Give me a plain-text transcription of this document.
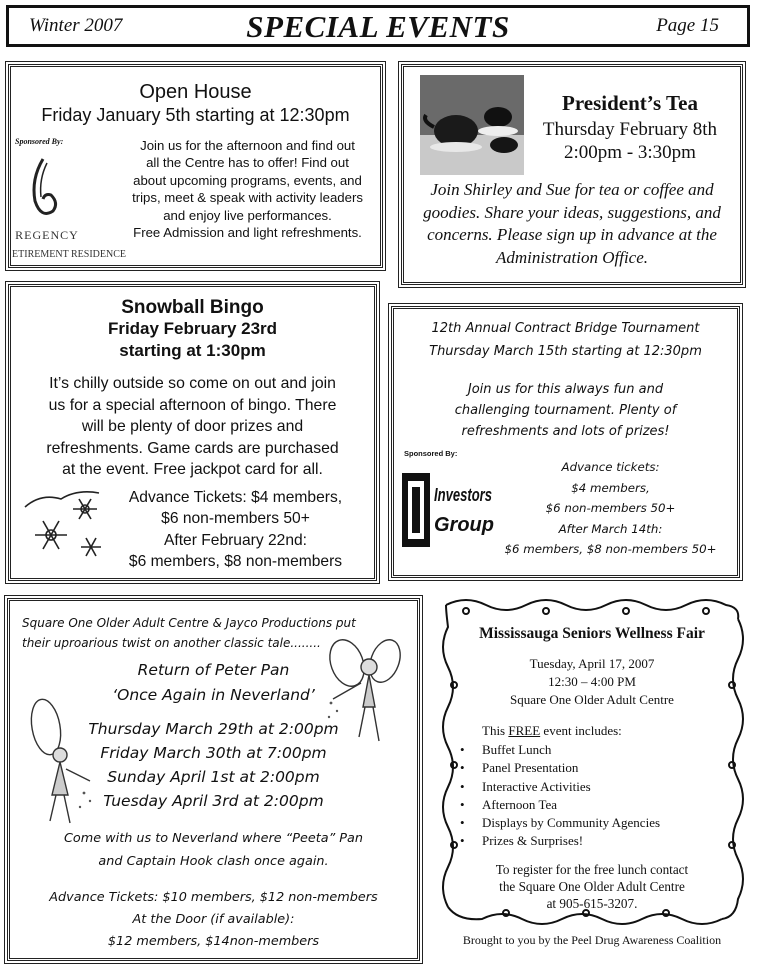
Winter 2007	SPECIAL EVENTS	Page 15
Open House
Friday January 5th starting at 12:30pm
Sponsored By:
REGENCY
ETIREMENT RESIDENCE
Join us for the afternoon and find out
all the Centre has to offer! Find out
about upcoming programs, events, and
trips, meet & speak with activity leaders
and enjoy live performances.
Free Admission and light refreshments.
President’s Tea
Thursday February 8th
2:00pm - 3:30pm
Join Shirley and Sue for tea or coffee and
goodies. Share your ideas, suggestions, and
concerns. Please sign up in advance at the
Administration Office.
Snowball Bingo
Friday February 23rd
starting at 1:30pm
It’s chilly outside so come on out and join
us for a special afternoon of bingo. There
will be plenty of door prizes and
refreshments. Game cards are purchased
at the event. Free jackpot card for all.
Advance Tickets: $4 members,
$6 non-members 50+
After February 22nd:
$6 members, $8 non-members
12th Annual Contract Bridge Tournament
Thursday March 15th starting at 12:30pm
Join us for this always fun and
challenging tournament. Plenty of
refreshments and lots of prizes!
Sponsored By:
Investors
Group
Advance tickets:
$4 members,
$6 non-members 50+
After March 14th:
$6 members, $8 non-members 50+
Square One Older Adult Centre & Jayco Productions put
their uproarious twist on another classic tale........
Return of Peter Pan
‘Once Again in Neverland’
Thursday March 29th at 2:00pm
Friday March 30th at 7:00pm
Sunday April 1st at 2:00pm
Tuesday April 3rd at 2:00pm
Come with us to Neverland where “Peeta” Pan
and Captain Hook clash once again.
Advance Tickets: $10 members, $12 non-members
At the Door (if available):
$12 members, $14non-members
Mississauga Seniors Wellness Fair
Tuesday, April 17, 2007
12:30 – 4:00 PM
Square One Older Adult Centre
This FREE event includes:
• Buffet Lunch
• Panel Presentation
• Interactive Activities
• Afternoon Tea
• Displays by Community Agencies
• Prizes & Surprises!
To register for the free lunch contact
the Square One Older Adult Centre
at 905-615-3207.
Brought to you by the Peel Drug Awareness Coalition
